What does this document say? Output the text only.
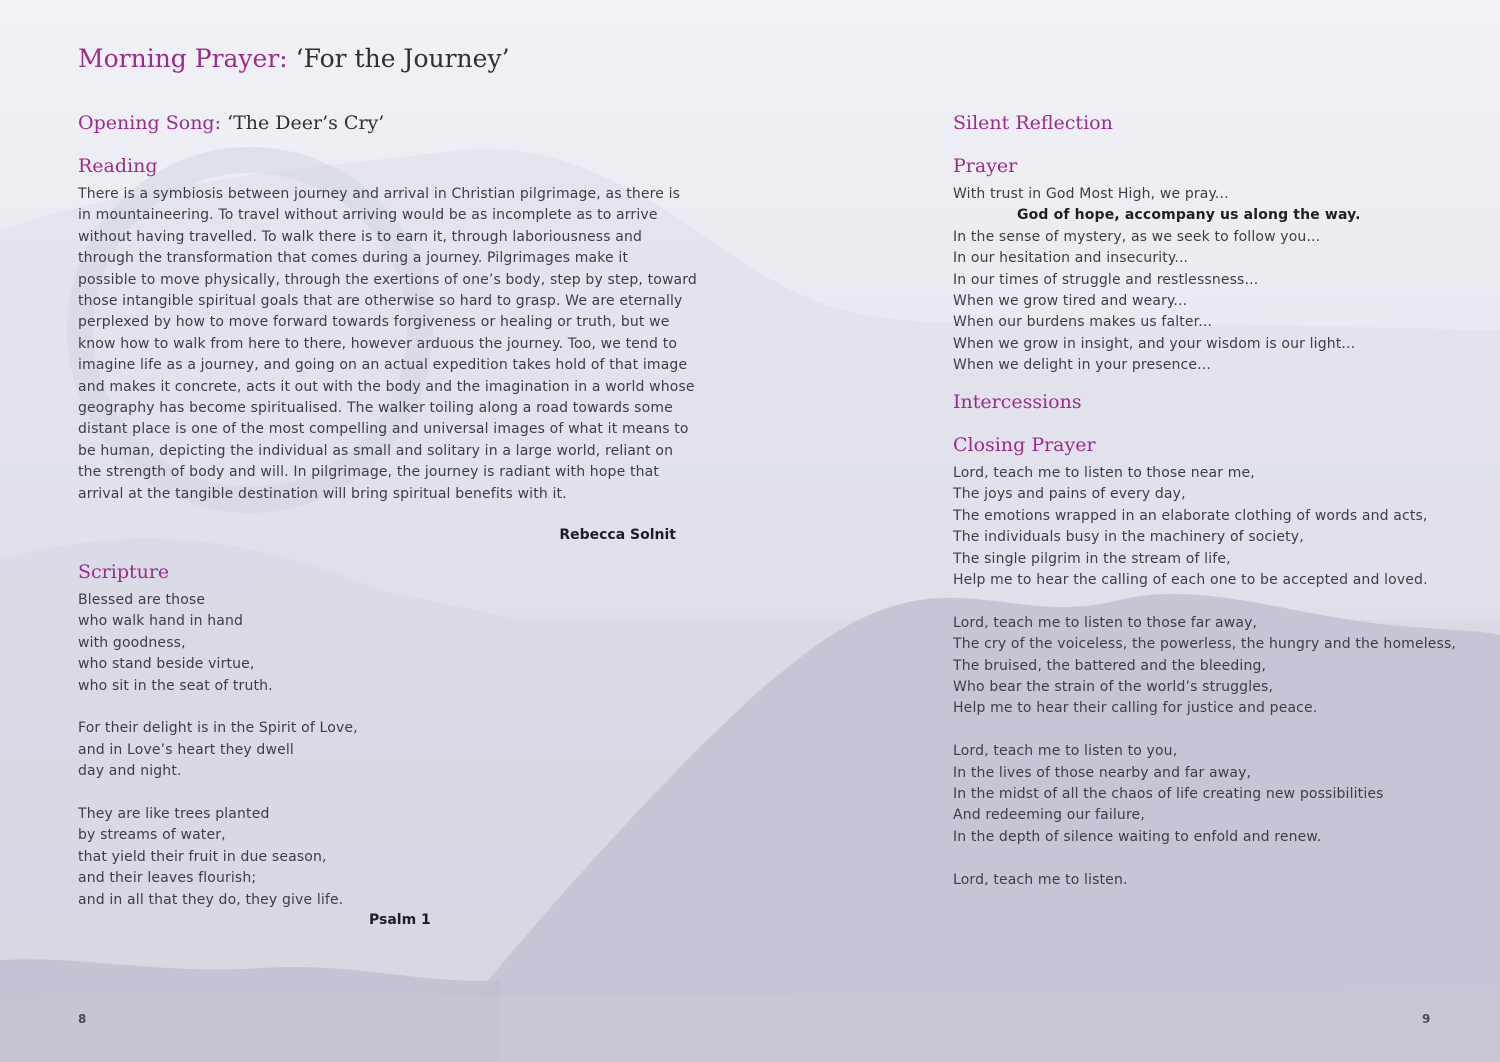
Morning Prayer: ‘For the Journey’
Opening Song: ‘The Deer’s Cry’
Reading
There is a symbiosis between journey and arrival in Christian pilgrimage, as there is
in mountaineering. To travel without arriving would be as incomplete as to arrive
without having travelled. To walk there is to earn it, through laboriousness and
through the transformation that comes during a journey. Pilgrimages make it
possible to move physically, through the exertions of one’s body, step by step, toward
those intangible spiritual goals that are otherwise so hard to grasp. We are eternally
perplexed by how to move forward towards forgiveness or healing or truth, but we
know how to walk from here to there, however arduous the journey. Too, we tend to
imagine life as a journey, and going on an actual expedition takes hold of that image
and makes it concrete, acts it out with the body and the imagination in a world whose
geography has become spiritualised. The walker toiling along a road towards some
distant place is one of the most compelling and universal images of what it means to
be human, depicting the individual as small and solitary in a large world, reliant on
the strength of body and will. In pilgrimage, the journey is radiant with hope that
arrival at the tangible destination will bring spiritual benefits with it.
Rebecca Solnit
Scripture
Blessed are those
who walk hand in hand
with goodness,
who stand beside virtue,
who sit in the seat of truth.
For their delight is in the Spirit of Love,
and in Love’s heart they dwell
day and night.
They are like trees planted
by streams of water,
that yield their fruit in due season,
and their leaves flourish;
and in all that they do, they give life.
Psalm 1
8
Silent Reflection
Prayer
With trust in God Most High, we pray...
God of hope, accompany us along the way.
In the sense of mystery, as we seek to follow you...
In our hesitation and insecurity...
In our times of struggle and restlessness...
When we grow tired and weary...
When our burdens makes us falter...
When we grow in insight, and your wisdom is our light...
When we delight in your presence...
Intercessions
Closing Prayer
Lord, teach me to listen to those near me,
The joys and pains of every day,
The emotions wrapped in an elaborate clothing of words and acts,
The individuals busy in the machinery of society,
The single pilgrim in the stream of life,
Help me to hear the calling of each one to be accepted and loved.
Lord, teach me to listen to those far away,
The cry of the voiceless, the powerless, the hungry and the homeless,
The bruised, the battered and the bleeding,
Who bear the strain of the world’s struggles,
Help me to hear their calling for justice and peace.
Lord, teach me to listen to you,
In the lives of those nearby and far away,
In the midst of all the chaos of life creating new possibilities
And redeeming our failure,
In the depth of silence waiting to enfold and renew.
Lord, teach me to listen.
9
